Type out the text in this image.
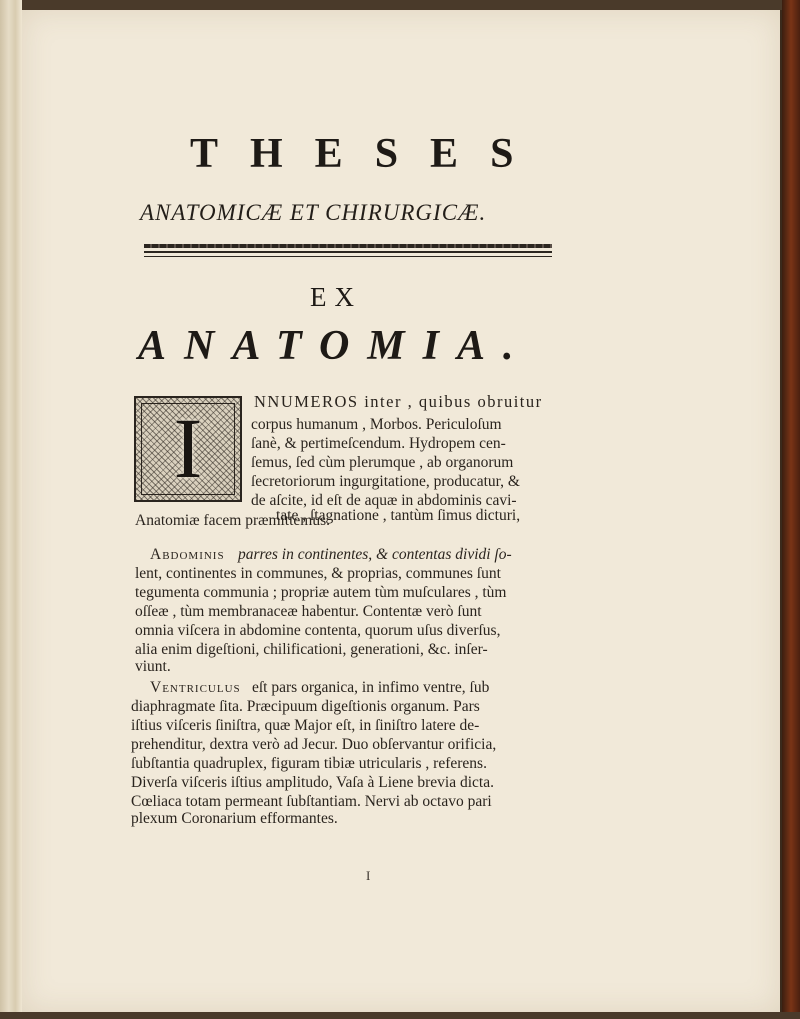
THESES
ANATOMICÆ ET CHIRURGICÆ.
EX
ANATOMIA.
I	NNUMEROS inter , quibus obruitur
corpus humanum , Morbos. Periculoſum
ſanè, & pertimeſcendum. Hydropem cen-
ſemus, ſed cùm plerumque , ab organorum
ſecretoriorum ingurgitatione, producatur, &
de aſcite, id eſt de aquæ in abdominis cavi-
tate , ſtagnatione , tantùm ſimus dicturi,
Anatomiæ facem præmittemus.
Abdominis parres in continentes, & contentas dividi ſo-
lent, continentes in communes, & proprias, communes ſunt
tegumenta communia ; propriæ autem tùm muſculares , tùm
oſſeæ , tùm membranaceæ habentur. Contentæ verò ſunt
omnia viſcera in abdomine contenta, quorum uſus diverſus,
alia enim digeſtioni, chilificationi, generationi, &c. inſer-
viunt.
Ventriculus eſt pars organica, in infimo ventre, ſub
diaphragmate ſita. Præcipuum digeſtionis organum. Pars
iſtius viſceris ſiniſtra, quæ Major eſt, in ſiniſtro latere de-
prehenditur, dextra verò ad Jecur. Duo obſervantur orificia,
ſubſtantia quadruplex, figuram tibiæ utricularis , referens.
Diverſa viſceris iſtius amplitudo, Vaſa à Liene brevia dicta.
Cœliaca totam permeant ſubſtantiam. Nervi ab octavo pari
plexum Coronarium efformantes.
I
